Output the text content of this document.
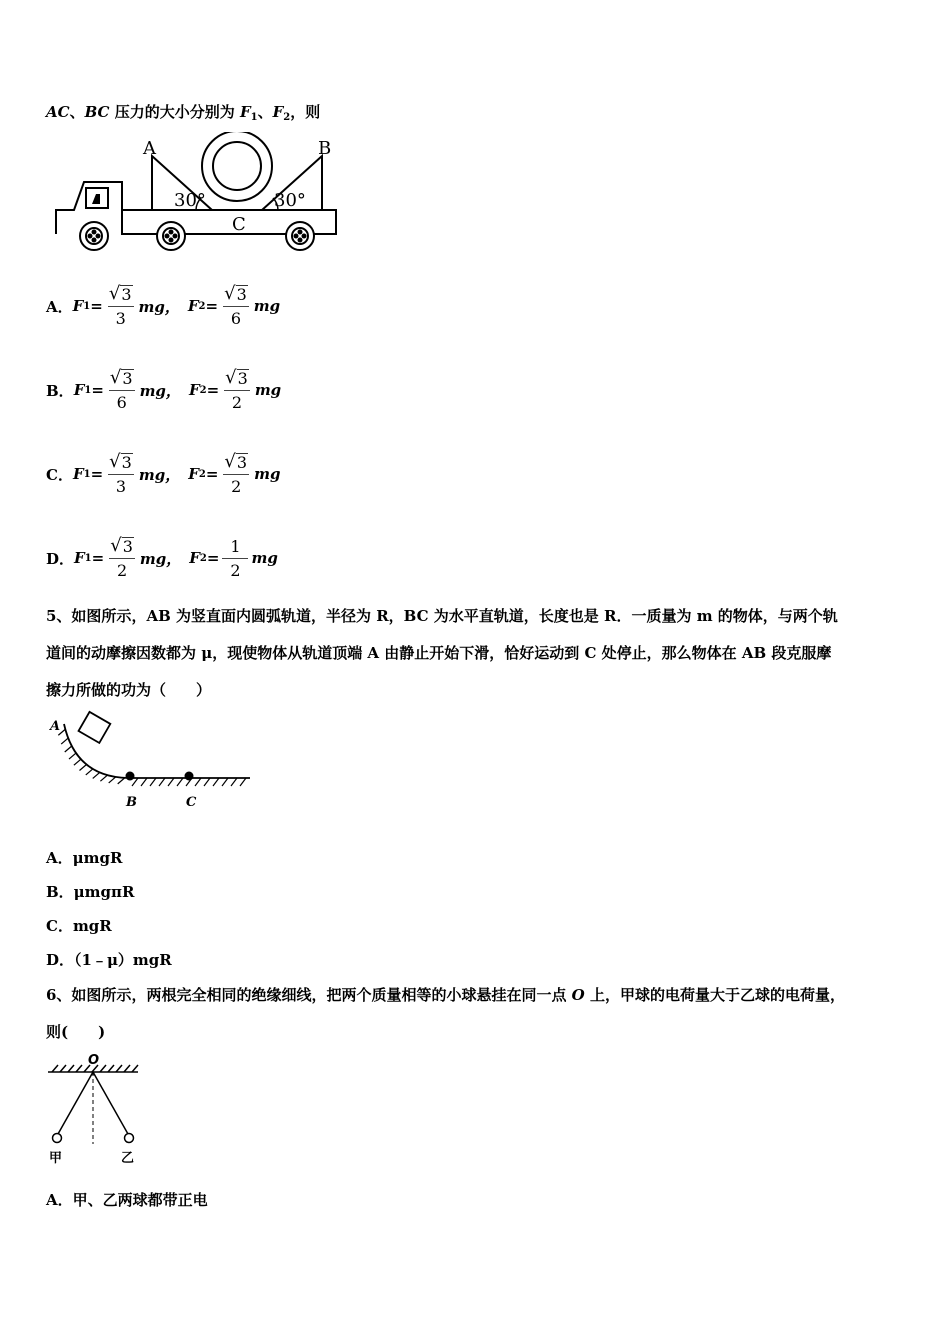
AC、BC 压力的大小分别为 $F_1$、$F_2$，则
A	B
C
30°	30°
A． F $1 = \frac{√ 3}{3}$ mg， F $2 = \frac{√ 3}{6}$ mg
B． F $1 = \frac{√ 3}{6}$ mg， F $2 = \frac{√ 3}{2}$ mg
C． F $1 = \frac{√ 3}{3}$ mg， F $2 = \frac{√ 3}{2}$ mg
D． F $1 = \frac{√ 3}{2}$ mg， F $2 = \frac{1}{2}$ mg
5、如图所示，AB 为竖直面内圆弧轨道，半径为 R，BC 为水平直轨道，长度也是 R．一质量为 m 的物体，与两个轨
道间的动摩擦因数都为 μ，现使物体从轨道顶端 A 由静止开始下滑，恰好运动到 C 处停止，那么物体在 AB 段克服摩
擦力所做的功为（　　）
A
B	C
A．μmgR
B．μmgπR
C．mgR
D．（1﹣μ）mgR
6、如图所示，两根完全相同的绝缘细线，把两个质量相等的小球悬挂在同一点 O 上，甲球的电荷量大于乙球的电荷量，
则(　　)
O
甲	乙
A．甲、乙两球都带正电
